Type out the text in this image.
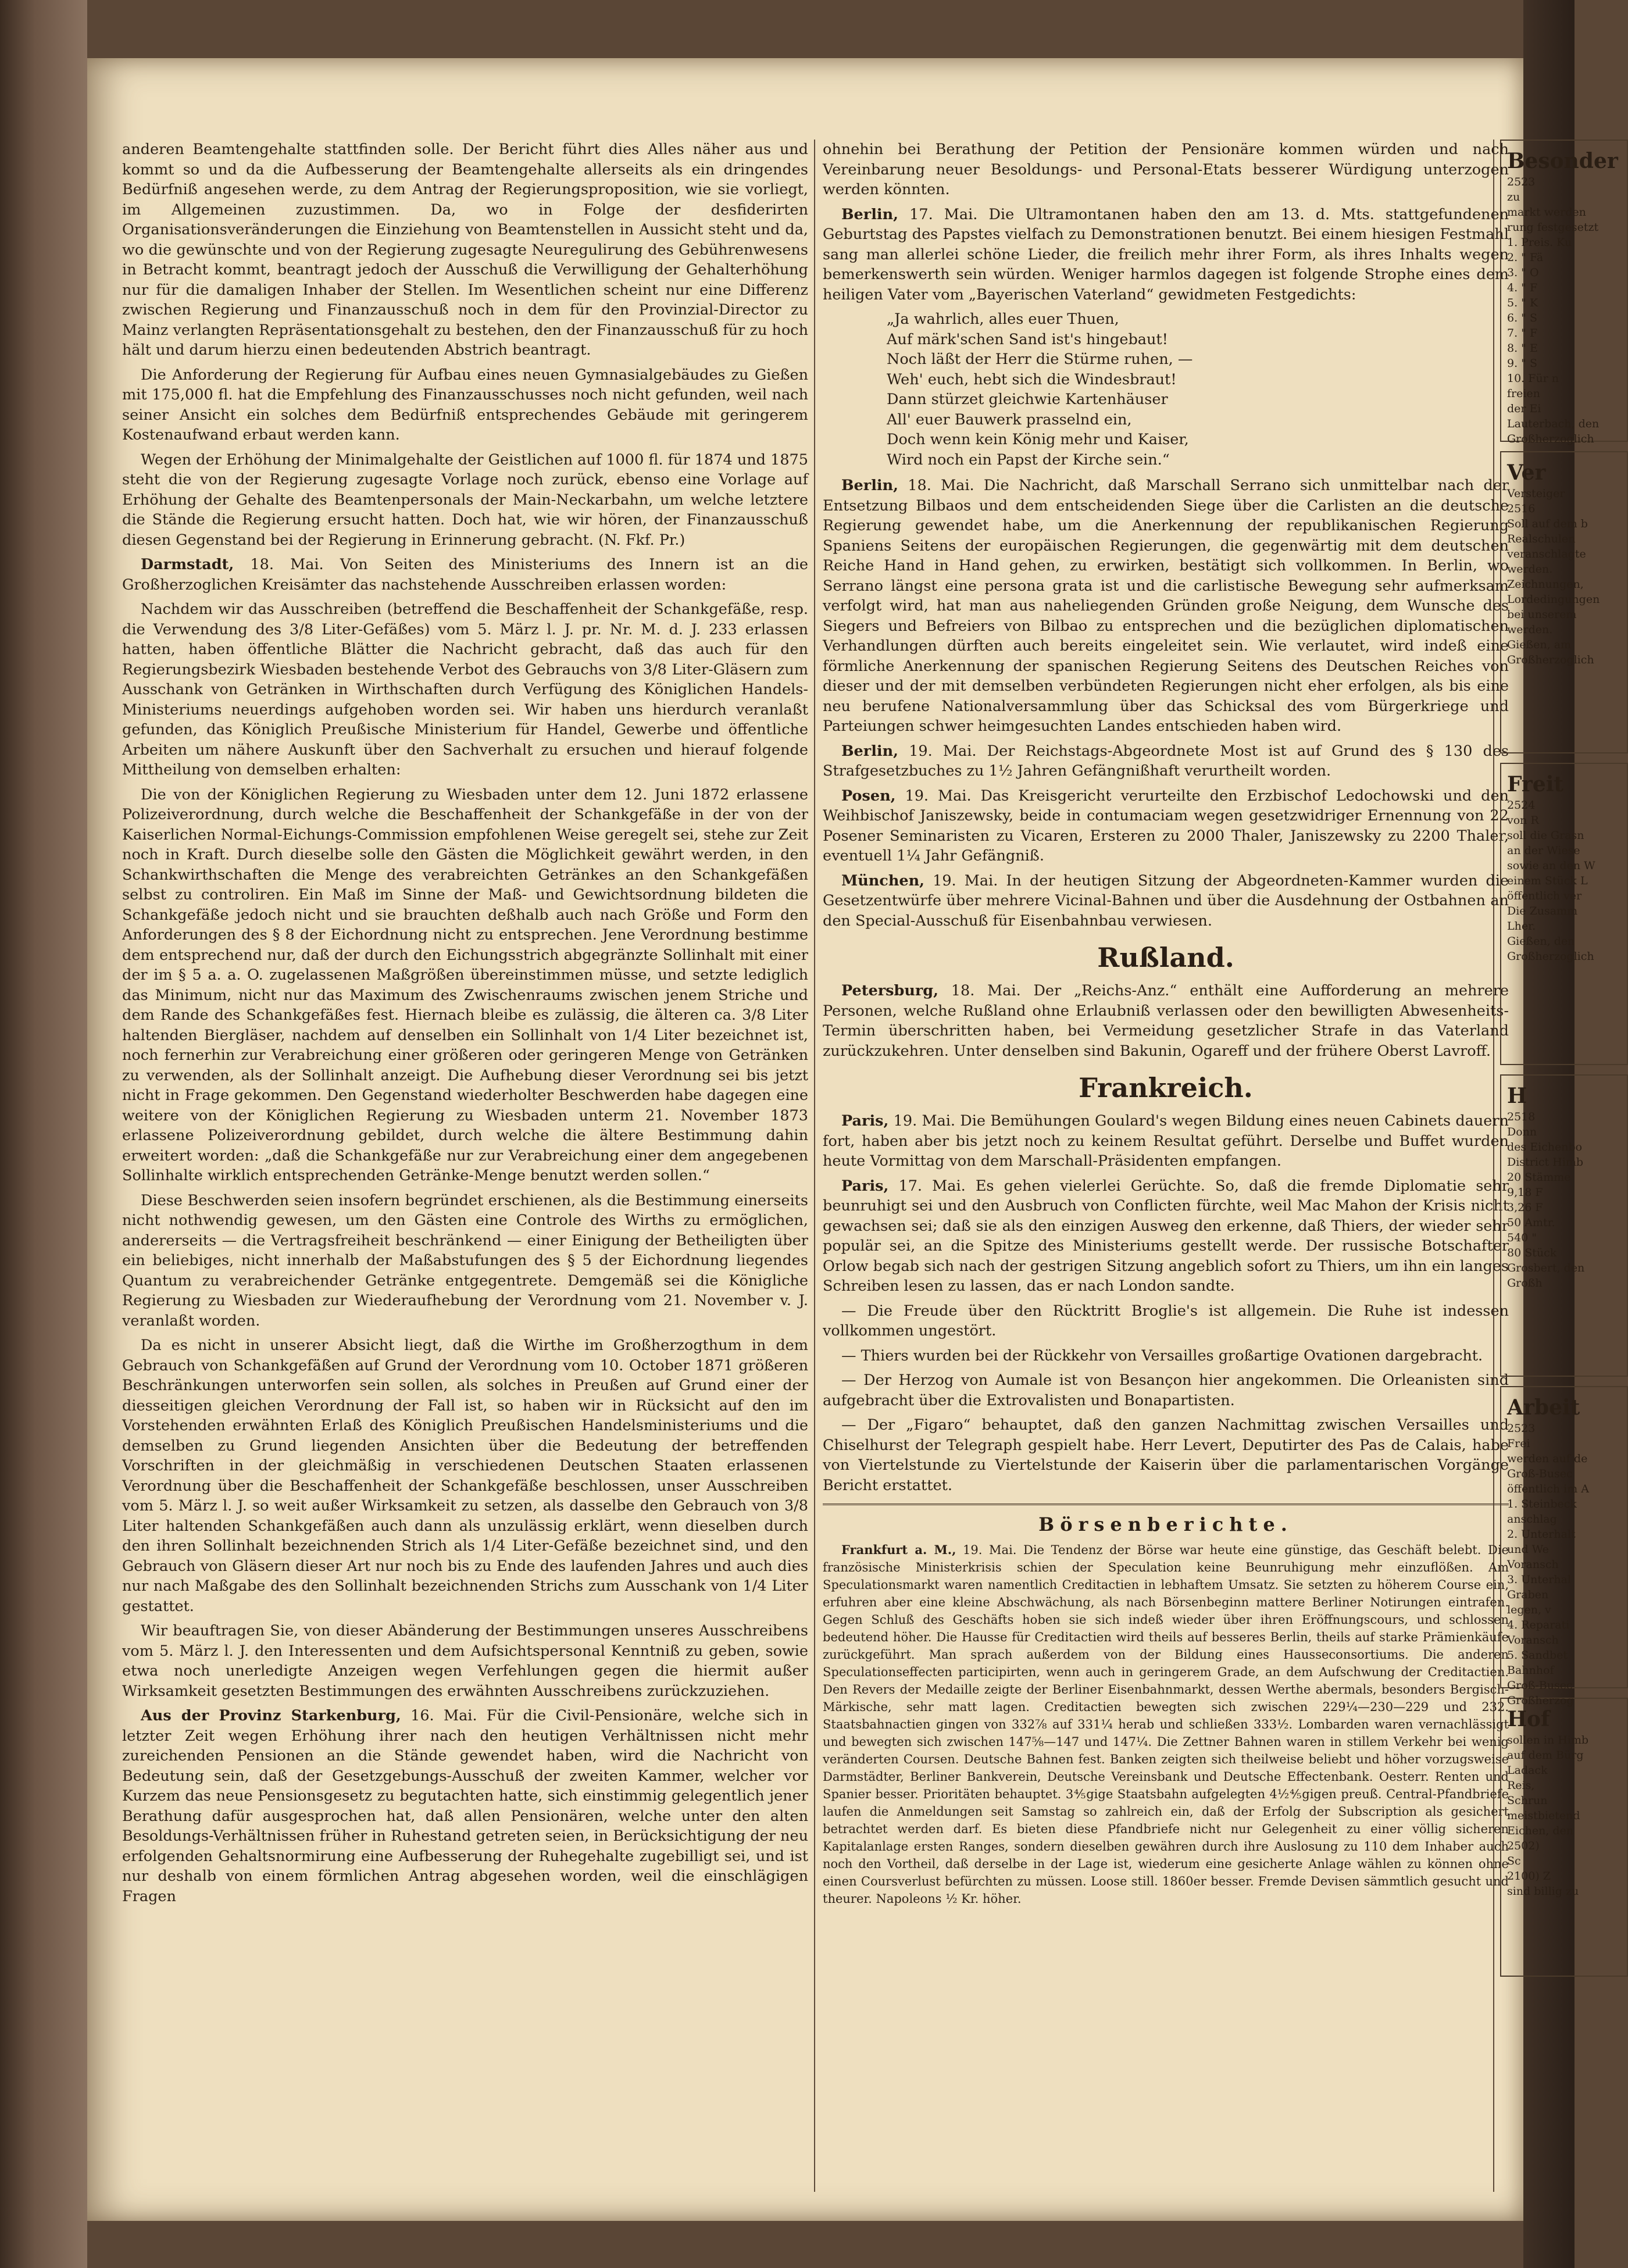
anderen Beamtengehalte stattfinden solle. Der Bericht führt dies Alles näher aus und kommt so und da die Aufbesserung der Beamtengehalte allerseits als ein dringendes Bedürfniß angesehen werde, zu dem Antrag der Regierungsproposition, wie sie vorliegt, im Allgemeinen zuzustimmen. Da, wo in Folge der desfiderirten Organisationsveränderungen die Einziehung von Beamtenstellen in Aussicht steht und da, wo die gewünschte und von der Regierung zugesagte Neuregulirung des Gebührenwesens in Betracht kommt, beantragt jedoch der Ausschuß die Verwilligung der Gehalterhöhung nur für die damaligen Inhaber der Stellen. Im Wesentlichen scheint nur eine Differenz zwischen Regierung und Finanzausschuß noch in dem für den Provinzial-Director zu Mainz verlangten Repräsentationsgehalt zu bestehen, den der Finanzausschuß für zu hoch hält und darum hierzu einen bedeutenden Abstrich beantragt.

Die Anforderung der Regierung für Aufbau eines neuen Gymnasialgebäudes zu Gießen mit 175,000 fl. hat die Empfehlung des Finanzausschusses noch nicht gefunden, weil nach seiner Ansicht ein solches dem Bedürfniß entsprechendes Gebäude mit geringerem Kostenaufwand erbaut werden kann.

Wegen der Erhöhung der Minimalgehalte der Geistlichen auf 1000 fl. für 1874 und 1875 steht die von der Regierung zugesagte Vorlage noch zurück, ebenso eine Vorlage auf Erhöhung der Gehalte des Beamtenpersonals der Main-Neckarbahn, um welche letztere die Stände die Regierung ersucht hatten. Doch hat, wie wir hören, der Finanzausschuß diesen Gegenstand bei der Regierung in Erinnerung gebracht. (N. Fkf. Pr.)

Darmstadt, 18. Mai. Von Seiten des Ministeriums des Innern ist an die Großherzoglichen Kreisämter das nachstehende Ausschreiben erlassen worden:

Nachdem wir das Ausschreiben (betreffend die Beschaffenheit der Schankgefäße, resp. die Verwendung des 3/8 Liter-Gefäßes) vom 5. März l. J. pr. Nr. M. d. J. 233 erlassen hatten, haben öffentliche Blätter die Nachricht gebracht, daß das auch für den Regierungsbezirk Wiesbaden bestehende Verbot des Gebrauchs von 3/8 Liter-Gläsern zum Ausschank von Getränken in Wirthschaften durch Verfügung des Königlichen Handels-Ministeriums neuerdings aufgehoben worden sei. Wir haben uns hierdurch veranlaßt gefunden, das Königlich Preußische Ministerium für Handel, Gewerbe und öffentliche Arbeiten um nähere Auskunft über den Sachverhalt zu ersuchen und hierauf folgende Mittheilung von demselben erhalten:

Die von der Königlichen Regierung zu Wiesbaden unter dem 12. Juni 1872 erlassene Polizeiverordnung, durch welche die Beschaffenheit der Schankgefäße in der von der Kaiserlichen Normal-Eichungs-Commission empfohlenen Weise geregelt sei, stehe zur Zeit noch in Kraft. Durch dieselbe solle den Gästen die Möglichkeit gewährt werden, in den Schankwirthschaften die Menge des verabreichten Getränkes an den Schankgefäßen selbst zu controliren. Ein Maß im Sinne der Maß- und Gewichtsordnung bildeten die Schankgefäße jedoch nicht und sie brauchten deßhalb auch nach Größe und Form den Anforderungen des § 8 der Eichordnung nicht zu entsprechen. Jene Verordnung bestimme dem entsprechend nur, daß der durch den Eichungsstrich abgegränzte Sollinhalt mit einer der im § 5 a. a. O. zugelassenen Maßgrößen übereinstimmen müsse, und setzte lediglich das Minimum, nicht nur das Maximum des Zwischenraums zwischen jenem Striche und dem Rande des Schankgefäßes fest. Hiernach bleibe es zulässig, die älteren ca. 3/8 Liter haltenden Biergläser, nachdem auf denselben ein Sollinhalt von 1/4 Liter bezeichnet ist, noch fernerhin zur Verabreichung einer größeren oder geringeren Menge von Getränken zu verwenden, als der Sollinhalt anzeigt. Die Aufhebung dieser Verordnung sei bis jetzt nicht in Frage gekommen. Den Gegenstand wiederholter Beschwerden habe dagegen eine weitere von der Königlichen Regierung zu Wiesbaden unterm 21. November 1873 erlassene Polizeiverordnung gebildet, durch welche die ältere Bestimmung dahin erweitert worden: „daß die Schankgefäße nur zur Verabreichung einer dem angegebenen Sollinhalte wirklich entsprechenden Getränke-Menge benutzt werden sollen.“

Diese Beschwerden seien insofern begründet erschienen, als die Bestimmung einerseits nicht nothwendig gewesen, um den Gästen eine Controle des Wirths zu ermöglichen, andererseits — die Vertragsfreiheit beschränkend — einer Einigung der Betheiligten über ein beliebiges, nicht innerhalb der Maßabstufungen des § 5 der Eichordnung liegendes Quantum zu verabreichender Getränke entgegentrete. Demgemäß sei die Königliche Regierung zu Wiesbaden zur Wiederaufhebung der Verordnung vom 21. November v. J. veranlaßt worden.

Da es nicht in unserer Absicht liegt, daß die Wirthe im Großherzogthum in dem Gebrauch von Schankgefäßen auf Grund der Verordnung vom 10. October 1871 größeren Beschränkungen unterworfen sein sollen, als solches in Preußen auf Grund einer der diesseitigen gleichen Verordnung der Fall ist, so haben wir in Rücksicht auf den im Vorstehenden erwähnten Erlaß des Königlich Preußischen Handelsministeriums und die demselben zu Grund liegenden Ansichten über die Bedeutung der betreffenden Vorschriften in der gleichmäßig in verschiedenen Deutschen Staaten erlassenen Verordnung über die Beschaffenheit der Schankgefäße beschlossen, unser Ausschreiben vom 5. März l. J. so weit außer Wirksamkeit zu setzen, als dasselbe den Gebrauch von 3/8 Liter haltenden Schankgefäßen auch dann als unzulässig erklärt, wenn dieselben durch den ihren Sollinhalt bezeichnenden Strich als 1/4 Liter-Gefäße bezeichnet sind, und den Gebrauch von Gläsern dieser Art nur noch bis zu Ende des laufenden Jahres und auch dies nur nach Maßgabe des den Sollinhalt bezeichnenden Strichs zum Ausschank von 1/4 Liter gestattet.

Wir beauftragen Sie, von dieser Abänderung der Bestimmungen unseres Ausschreibens vom 5. März l. J. den Interessenten und dem Aufsichtspersonal Kenntniß zu geben, sowie etwa noch unerledigte Anzeigen wegen Verfehlungen gegen die hiermit außer Wirksamkeit gesetzten Bestimmungen des erwähnten Ausschreibens zurückzuziehen.

Aus der Provinz Starkenburg, 16. Mai. Für die Civil-Pensionäre, welche sich in letzter Zeit wegen Erhöhung ihrer nach den heutigen Verhältnissen nicht mehr zureichenden Pensionen an die Stände gewendet haben, wird die Nachricht von Bedeutung sein, daß der Gesetzgebungs-Ausschuß der zweiten Kammer, welcher vor Kurzem das neue Pensionsgesetz zu begutachten hatte, sich einstimmig gelegentlich jener Berathung dafür ausgesprochen hat, daß allen Pensionären, welche unter den alten Besoldungs-Verhältnissen früher in Ruhestand getreten seien, in Berücksichtigung der neu erfolgenden Gehaltsnormirung eine Aufbesserung der Ruhegehalte zugebilligt sei, und ist nur deshalb von einem förmlichen Antrag abgesehen worden, weil die einschlägigen Fragen

ohnehin bei Berathung der Petition der Pensionäre kommen würden und nach Vereinbarung neuer Besoldungs- und Personal-Etats besserer Würdigung unterzogen werden könnten.

Berlin, 17. Mai. Die Ultramontanen haben den am 13. d. Mts. stattgefundenen Geburtstag des Papstes vielfach zu Demonstrationen benutzt. Bei einem hiesigen Festmahl sang man allerlei schöne Lieder, die freilich mehr ihrer Form, als ihres Inhalts wegen bemerkenswerth sein würden. Weniger harmlos dagegen ist folgende Strophe eines dem heiligen Vater vom „Bayerischen Vaterland“ gewidmeten Festgedichts:

„Ja wahrlich, alles euer Thuen,
Auf märk'schen Sand ist's hingebaut!
Noch läßt der Herr die Stürme ruhen, —
Weh' euch, hebt sich die Windesbraut!
Dann stürzet gleichwie Kartenhäuser
All' euer Bauwerk prasselnd ein,
Doch wenn kein König mehr und Kaiser,
Wird noch ein Papst der Kirche sein.“

Berlin, 18. Mai. Die Nachricht, daß Marschall Serrano sich unmittelbar nach der Entsetzung Bilbaos und dem entscheidenden Siege über die Carlisten an die deutsche Regierung gewendet habe, um die Anerkennung der republikanischen Regierung Spaniens Seitens der europäischen Regierungen, die gegenwärtig mit dem deutschen Reiche Hand in Hand gehen, zu erwirken, bestätigt sich vollkommen. In Berlin, wo Serrano längst eine persona grata ist und die carlistische Bewegung sehr aufmerksam verfolgt wird, hat man aus naheliegenden Gründen große Neigung, dem Wunsche des Siegers und Befreiers von Bilbao zu entsprechen und die bezüglichen diplomatischen Verhandlungen dürften auch bereits eingeleitet sein. Wie verlautet, wird indeß eine förmliche Anerkennung der spanischen Regierung Seitens des Deutschen Reiches von dieser und der mit demselben verbündeten Regierungen nicht eher erfolgen, als bis eine neu berufene Nationalversammlung über das Schicksal des vom Bürgerkriege und Parteiungen schwer heimgesuchten Landes entschieden haben wird.

Berlin, 19. Mai. Der Reichstags-Abgeordnete Most ist auf Grund des § 130 des Strafgesetzbuches zu 1½ Jahren Gefängnißhaft verurtheilt worden.

Posen, 19. Mai. Das Kreisgericht verurteilte den Erzbischof Ledochowski und den Weihbischof Janiszewsky, beide in contumaciam wegen gesetzwidriger Ernennung von 22 Posener Seminaristen zu Vicaren, Ersteren zu 2000 Thaler, Janiszewsky zu 2200 Thaler, eventuell 1¼ Jahr Gefängniß.

München, 19. Mai. In der heutigen Sitzung der Abgeordneten-Kammer wurden die Gesetzentwürfe über mehrere Vicinal-Bahnen und über die Ausdehnung der Ostbahnen an den Special-Ausschuß für Eisenbahnbau verwiesen.

Rußland.

Petersburg, 18. Mai. Der „Reichs-Anz.“ enthält eine Aufforderung an mehrere Personen, welche Rußland ohne Erlaubniß verlassen oder den bewilligten Abwesenheits-Termin überschritten haben, bei Vermeidung gesetzlicher Strafe in das Vaterland zurückzukehren. Unter denselben sind Bakunin, Ogareff und der frühere Oberst Lavroff.

Frankreich.

Paris, 19. Mai. Die Bemühungen Goulard's wegen Bildung eines neuen Cabinets dauern fort, haben aber bis jetzt noch zu keinem Resultat geführt. Derselbe und Buffet wurden heute Vormittag von dem Marschall-Präsidenten empfangen.

Paris, 17. Mai. Es gehen vielerlei Gerüchte. So, daß die fremde Diplomatie sehr beunruhigt sei und den Ausbruch von Conflicten fürchte, weil Mac Mahon der Krisis nicht gewachsen sei; daß sie als den einzigen Ausweg den erkenne, daß Thiers, der wieder sehr populär sei, an die Spitze des Ministeriums gestellt werde. Der russische Botschafter Orlow begab sich nach der gestrigen Sitzung angeblich sofort zu Thiers, um ihn ein langes Schreiben lesen zu lassen, das er nach London sandte.

— Die Freude über den Rücktritt Broglie's ist allgemein. Die Ruhe ist indessen vollkommen ungestört.

— Thiers wurden bei der Rückkehr von Versailles großartige Ovationen dargebracht.

— Der Herzog von Aumale ist von Besançon hier angekommen. Die Orleanisten sind aufgebracht über die Extrovalisten und Bonapartisten.

— Der „Figaro“ behauptet, daß den ganzen Nachmittag zwischen Versailles und Chiselhurst der Telegraph gespielt habe. Herr Levert, Deputirter des Pas de Calais, habe von Viertelstunde zu Viertelstunde der Kaiserin über die parlamentarischen Vorgänge Bericht erstattet.

Börsenberichte.

Frankfurt a. M., 19. Mai. Die Tendenz der Börse war heute eine günstige, das Geschäft belebt. Die französische Ministerkrisis schien der Speculation keine Beunruhigung mehr einzuflößen. Am Speculationsmarkt waren namentlich Creditactien in lebhaftem Umsatz. Sie setzten zu höherem Course ein, erfuhren aber eine kleine Abschwächung, als nach Börsenbeginn mattere Berliner Notirungen eintrafen. Gegen Schluß des Geschäfts hoben sie sich indeß wieder über ihren Eröffnungscours, und schlossen bedeutend höher. Die Hausse für Creditactien wird theils auf besseres Berlin, theils auf starke Prämienkäufe zurückgeführt. Man sprach außerdem von der Bildung eines Hausseconsortiums. Die anderen Speculationseffecten participirten, wenn auch in geringerem Grade, an dem Aufschwung der Creditactien. Den Revers der Medaille zeigte der Berliner Eisenbahnmarkt, dessen Werthe abermals, besonders Bergisch-Märkische, sehr matt lagen. Creditactien bewegten sich zwischen 229¼—230—229 und 232. Staatsbahnactien gingen von 332⅞ auf 331¼ herab und schließen 333½. Lombarden waren vernachlässigt und bewegten sich zwischen 147⅝—147 und 147¼. Die Zettner Bahnen waren in stillem Verkehr bei wenig veränderten Coursen. Deutsche Bahnen fest. Banken zeigten sich theilweise beliebt und höher vorzugsweise Darmstädter, Berliner Bankverein, Deutsche Vereinsbank und Deutsche Effectenbank. Oesterr. Renten und Spanier besser. Prioritäten behauptet. 3⅘gige Staatsbahn aufgelegten 4½⅘gigen preuß. Central-Pfandbriefe laufen die Anmeldungen seit Samstag so zahlreich ein, daß der Erfolg der Subscription als gesichert betrachtet werden darf. Es bieten diese Pfandbriefe nicht nur Gelegenheit zu einer völlig sicheren Kapitalanlage ersten Ranges, sondern dieselben gewähren durch ihre Auslosung zu 110 dem Inhaber auch noch den Vortheil, daß derselbe in der Lage ist, wiederum eine gesicherte Anlage wählen zu können ohne einen Coursverlust befürchten zu müssen. Loose still. 1860er besser. Fremde Devisen sämmtlich gesucht und theurer. Napoleons ½ Kr. höher.

Besonder
2523
zu
markt werden
rung festgesetzt
1. Preis. Ku
2. " Fä
3. " O
4. " F
5. " K
6. " S
7. " F
8. " E
9. " S
10. Für n
freien
der Ei
Lauterbach, den
Großherzoglich
Ver
Versteiger
2516
Soll auf dem b
Realschulen
veranschlagte
werden.
Zeichnungen,
Lordedingungen
bei unserem
werden.
Gießen, am
Großherzoglich
Freit
2524
von R
soll die Grasn
an der Wiese
sowie an den W
einem Stück L
öffentlich ver
Die Zusamm
Lher.
Gießen, den
Großherzoglich
H
2518
Donn
des Eichenbo
District Himb
20 Stämme
9,18 F
3,26 F
50 Amtr.
540 "
80 Stück
Grosbert, den
Großh
Arbeit
2523
Frei
werden auf de
Groß-Busec
öffentlich im A
1. Steinbeck
anschlag
2. Unterhalt
und We
Voransch
3. Unterhal
Graben
legen, v
4. Reparati
Voransch
5. Sandbet
Bahnhof
Groß-Busec
Großherzog
Hof
sollen in Himb
auf dem Bürg
Ladack
Reis,
Schrun
meistbietend
Eichen, den
2502)
Sc
2100) Z
sind billig zu
